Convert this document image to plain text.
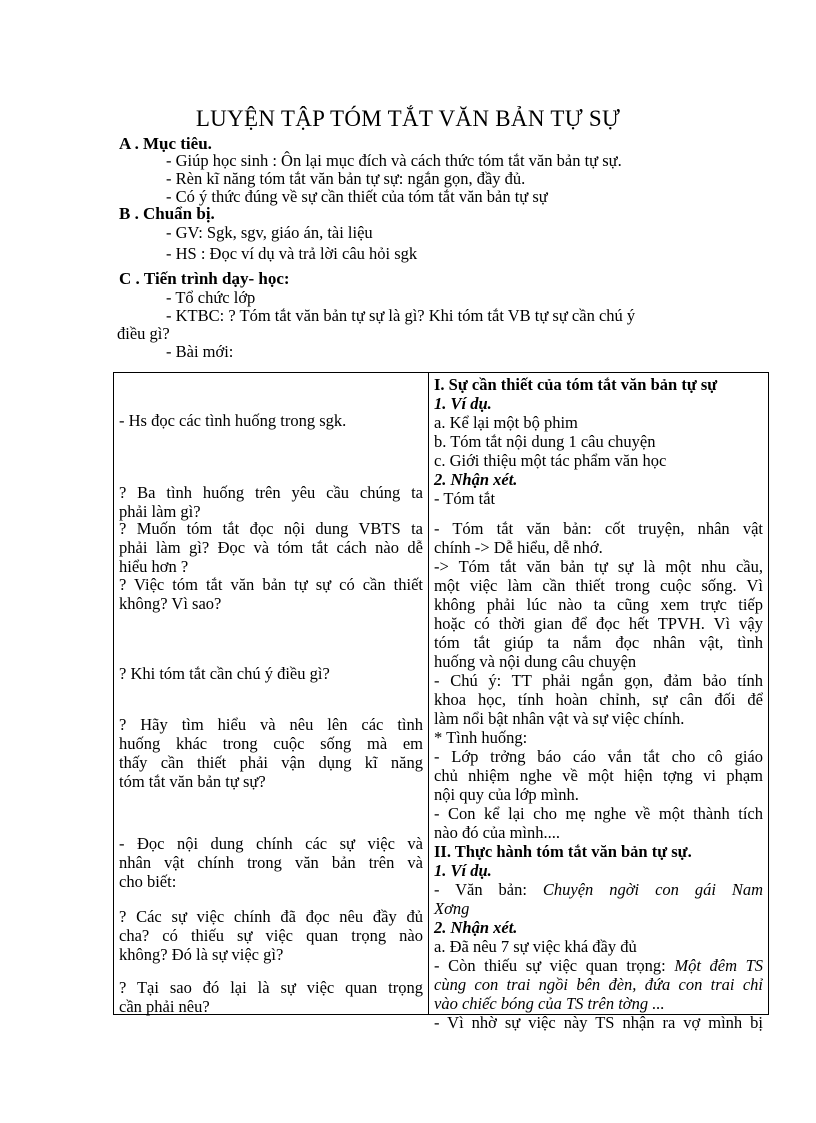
LUYỆN TẬP TÓM TẮT VĂN BẢN TỰ SỰ
A . Mục tiêu.
- Giúp học sinh : Ôn lại mục đích và cách thức tóm tắt văn bản tự sự.
- Rèn kĩ năng tóm tắt văn bản tự sự: ngắn gọn, đầy đủ.
- Có ý thức đúng về sự cần thiết của tóm tắt văn bản tự sự
B . Chuẩn bị.
- GV: Sgk, sgv, giáo án, tài liệu
- HS : Đọc ví dụ và trả lời câu hỏi sgk
C . Tiến trình dạy- học:
- Tổ chức lớp
- KTBC: ? Tóm tắt văn bản tự sự là gì? Khi tóm tắt VB tự sự cần chú ý
điều gì?
- Bài mới:
- Hs đọc các tình huống trong sgk.
? Ba tình huống trên yêu cầu chúng ta
phải làm gì?
? Muốn tóm tắt đọc nội dung VBTS ta
phải làm gì? Đọc và tóm tắt cách nào dễ
hiểu hơn ?
? Việc tóm tắt văn bản tự sự có cần thiết
không? Vì sao?
? Khi tóm tắt cần chú ý điều gì?
? Hãy tìm hiểu và nêu lên các tình
huống khác trong cuộc sống mà em
thấy cần thiết phải vận dụng kĩ năng
tóm tắt văn bản tự sự?
- Đọc nội dung chính các sự việc và
nhân vật chính trong văn bản trên và
cho biết:
? Các sự việc chính đã đọc nêu đầy đủ
cha? có thiếu sự việc quan trọng nào
không? Đó là sự việc gì?
? Tại sao đó lại là sự việc quan trọng
cần phải nêu?

I. Sự cần thiết của tóm tắt văn bản tự sự
1. Ví dụ.
a. Kể lại một bộ phim
b. Tóm tắt nội dung 1 câu chuyện
c. Giới thiệu một tác phẩm văn học
2. Nhận xét.
- Tóm tắt
- Tóm tắt văn bản: cốt truyện, nhân vật
chính -> Dễ hiểu, dễ nhớ.
-> Tóm tắt văn bản tự sự là một nhu cầu,
một việc làm cần thiết trong cuộc sống. Vì
không phải lúc nào ta cũng xem trực tiếp
hoặc có thời gian để đọc hết TPVH. Vì vậy
tóm tắt giúp ta nắm đọc nhân vật, tình
huống và nội dung câu chuyện
- Chú ý: TT phải ngắn gọn, đảm bảo tính
khoa học, tính hoàn chỉnh, sự cân đối để
làm nổi bật nhân vật và sự việc chính.
* Tình huống:
- Lớp trởng báo cáo vắn tắt cho cô giáo
chủ nhiệm nghe về một hiện tợng vi phạm
nội quy của lớp mình.
- Con kể lại cho mẹ nghe về một thành tích
nào đó của mình....
II. Thực hành tóm tắt văn bản tự sự.
1. Ví dụ.
- Văn bản: Chuyện ngời con gái Nam
Xơng
2. Nhận xét.
a. Đã nêu 7 sự việc khá đầy đủ
- Còn thiếu sự việc quan trọng: Một đêm TS
cùng con trai ngồi bên đèn, đứa con trai chỉ
vào chiếc bóng của TS trên tờng ...
- Vì nhờ sự việc này TS nhận ra vợ mình bị
